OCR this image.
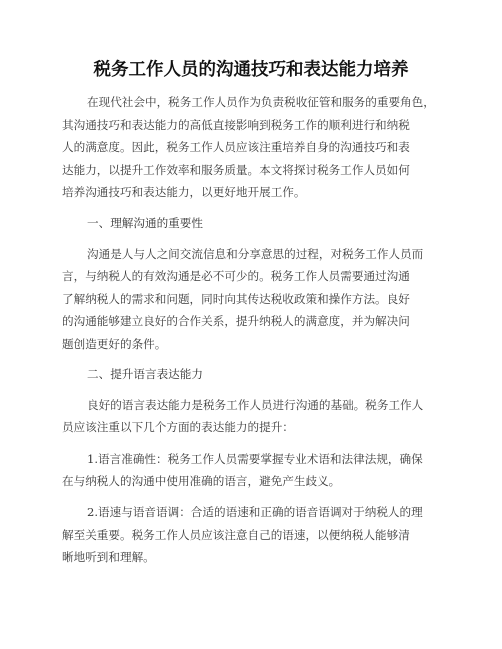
税务工作人员的沟通技巧和表达能力培养
在现代社会中，税务工作人员作为负责税收征管和服务的重要角色，
其沟通技巧和表达能力的高低直接影响到税务工作的顺利进行和纳税
人的满意度。因此，税务工作人员应该注重培养自身的沟通技巧和表
达能力，以提升工作效率和服务质量。本文将探讨税务工作人员如何
培养沟通技巧和表达能力，以更好地开展工作。
一、理解沟通的重要性
沟通是人与人之间交流信息和分享意思的过程，对税务工作人员而
言，与纳税人的有效沟通是必不可少的。税务工作人员需要通过沟通
了解纳税人的需求和问题，同时向其传达税收政策和操作方法。良好
的沟通能够建立良好的合作关系，提升纳税人的满意度，并为解决问
题创造更好的条件。
二、提升语言表达能力
良好的语言表达能力是税务工作人员进行沟通的基础。税务工作人
员应该注重以下几个方面的表达能力的提升：
1.语言准确性：税务工作人员需要掌握专业术语和法律法规，确保
在与纳税人的沟通中使用准确的语言，避免产生歧义。
2.语速与语音语调：合适的语速和正确的语音语调对于纳税人的理
解至关重要。税务工作人员应该注意自己的语速，以便纳税人能够清
晰地听到和理解。
